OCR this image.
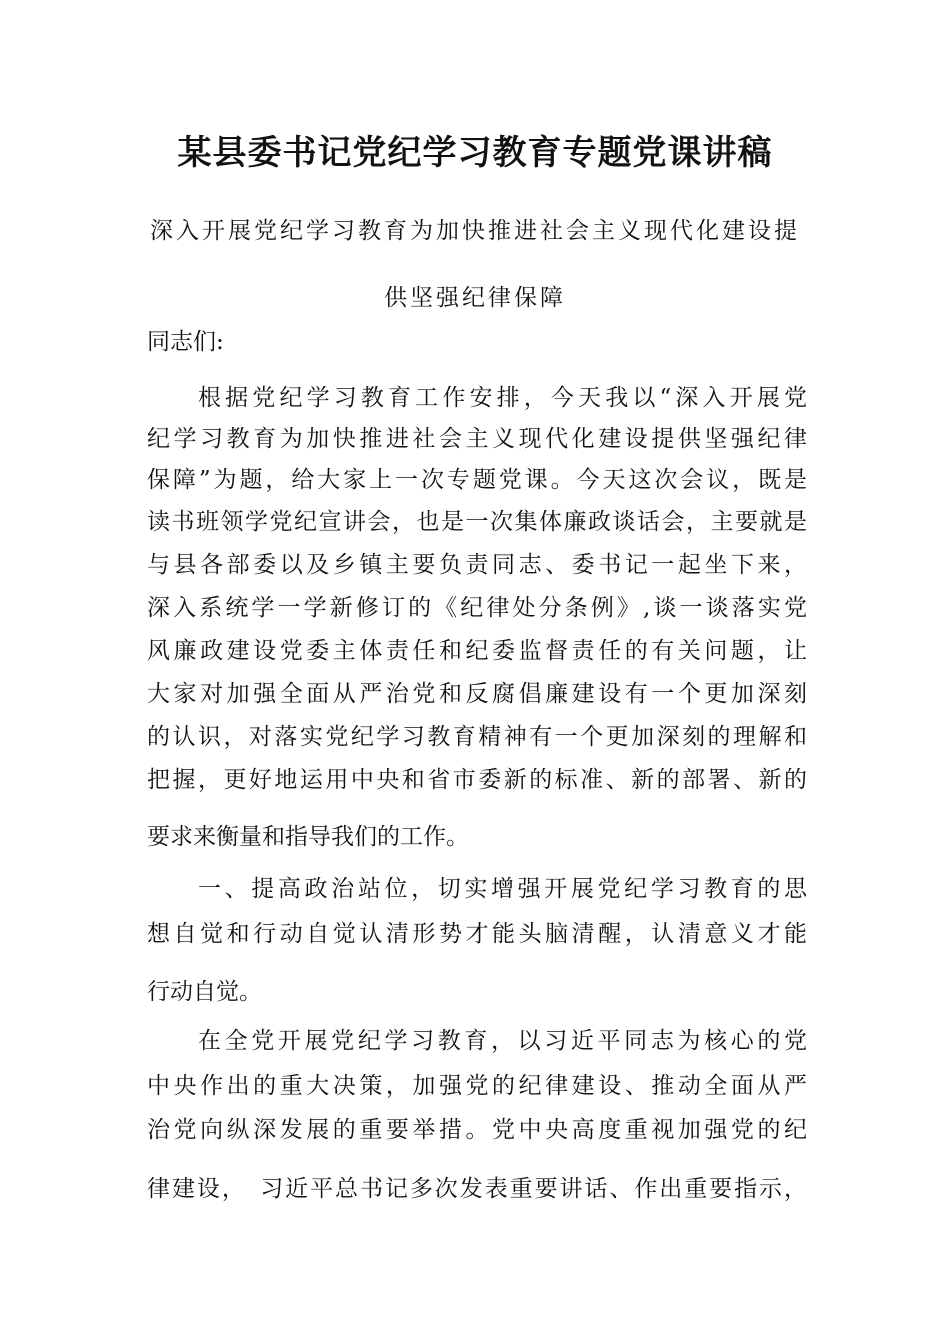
某县委书记党纪学习教育专题党课讲稿

深入开展党纪学习教育为加快推进社会主义现代化建设提

供坚强纪律保障

同志们:

根据党纪学习教育工作安排，今天我以“深入开展党

纪学习教育为加快推进社会主义现代化建设提供坚强纪律

保障”为题，给大家上一次专题党课。今天这次会议，既是

读书班领学党纪宣讲会，也是一次集体廉政谈话会，主要就是

与县各部委以及乡镇主要负责同志、委书记一起坐下来，

深入系统学一学新修订的《纪律处分条例》,谈一谈落实党

风廉政建设党委主体责任和纪委监督责任的有关问题，让

大家对加强全面从严治党和反腐倡廉建设有一个更加深刻

的认识，对落实党纪学习教育精神有一个更加深刻的理解和

把握，更好地运用中央和省市委新的标准、新的部署、新的

要求来衡量和指导我们的工作。

一、提高政治站位，切实增强开展党纪学习教育的思

想自觉和行动自觉认清形势才能头脑清醒，认清意义才能

行动自觉。

在全党开展党纪学习教育，以习近平同志为核心的党

中央作出的重大决策，加强党的纪律建设、推动全面从严

治党向纵深发展的重要举措。党中央高度重视加强党的纪

律建设，　习近平总书记多次发表重要讲话、作出重要指示，
